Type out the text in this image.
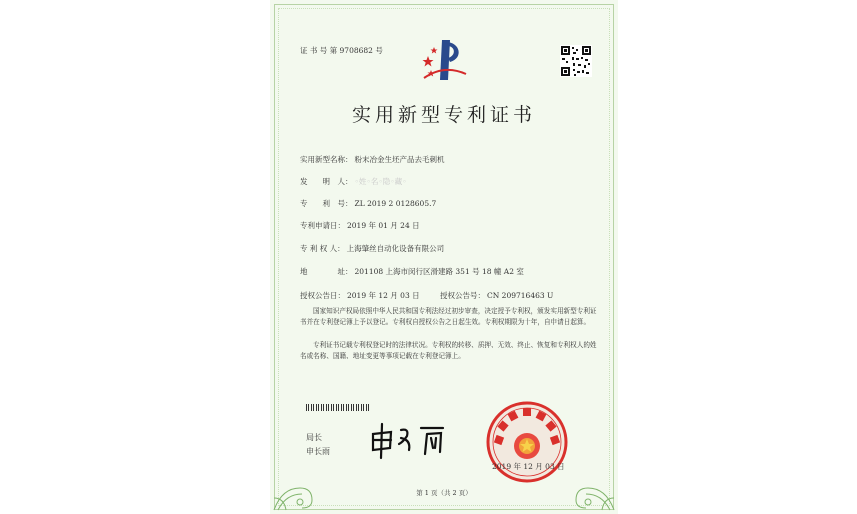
证 书 号 第 9708682 号
实用新型专利证书
实用新型名称： 粉末冶金生坯产品去毛刺机
发　　明　人： ◦姓◦名◦隐◦藏◦
专　　利　号： ZL 2019 2 0128605.7
专利申请日： 2019 年 01 月 24 日
专 利 权 人： 上海肇丝自动化设备有限公司
地　　　　址： 201108 上海市闵行区滑建路 351 号 18 幢 A2 室
授权公告日： 2019 年 12 月 03 日	授权公告号： CN 209716463 U
国家知识产权局依照中华人民共和国专利法经过初步审查，决定授予专利权，颁发实用新型专利证书并在专利登记簿上予以登记。专利权自授权公告之日起生效。专利权期限为十年，自申请日起算。
专利证书记载专利权登记时的法律状况。专利权的转移、质押、无效、终止、恢复和专利权人的姓名或名称、国籍、地址变更等事项记载在专利登记簿上。
局长
申长雨
2019 年 12 月 03 日
第 1 页（共 2 页）
